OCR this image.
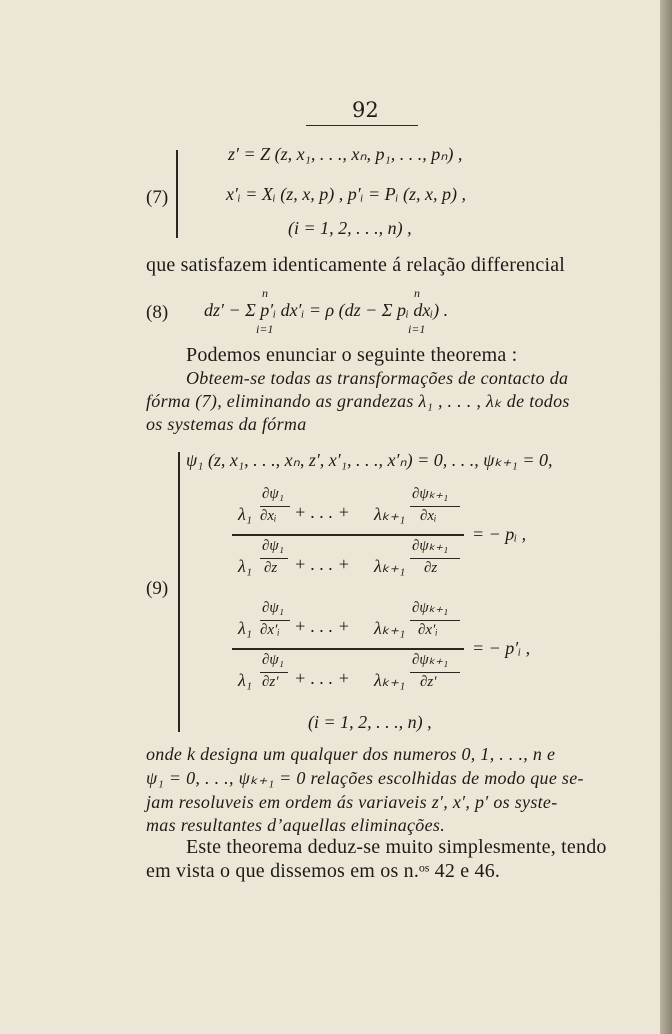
92
(7)
z′ = Z (z, x₁, . . ., xₙ, p₁, . . ., pₙ) ,
x′ᵢ = Xᵢ (z, x, p) , p′ᵢ = Pᵢ (z, x, p) ,
(i = 1, 2, . . ., n) ,
que satisfazem identicamente á relação differencial
(8)
n
i=1
n
i=1
dz′ − Σ p′ᵢ dx′ᵢ = ρ (dz − Σ pᵢ dxᵢ) .
Podemos enunciar o seguinte theorema :
Obteem-se todas as transformações de contacto da
fórma (7), eliminando as grandezas λ₁ , . . . , λₖ de todos
os systemas da fórma
(9)
ψ₁ (z, x₁, . . ., xₙ, z′, x′₁, . . ., x′ₙ) = 0, . . ., ψₖ₊₁ = 0,
λ₁
∂ψ₁
∂xᵢ + . . . + λₖ₊₁
∂ψₖ₊₁
∂xᵢ
λ₁
∂ψ₁
∂z + . . . + λₖ₊₁
∂ψₖ₊₁
∂z
= − pᵢ ,
λ₁
∂ψ₁
∂x′ᵢ + . . . + λₖ₊₁
∂ψₖ₊₁
∂x′ᵢ
λ₁
∂ψ₁
∂z′ + . . . + λₖ₊₁
∂ψₖ₊₁
∂z′
= − p′ᵢ ,
(i = 1, 2, . . ., n) ,
onde k designa um qualquer dos numeros 0, 1, . . ., n e
ψ₁ = 0, . . ., ψₖ₊₁ = 0 relações escolhidas de modo que se-
jam resoluveis em ordem ás variaveis z′, x′, p′ os syste-
mas resultantes d’aquellas eliminações.
Este theorema deduz-se muito simplesmente, tendo
em vista o que dissemos em os n.ᵒˢ 42 e 46.
